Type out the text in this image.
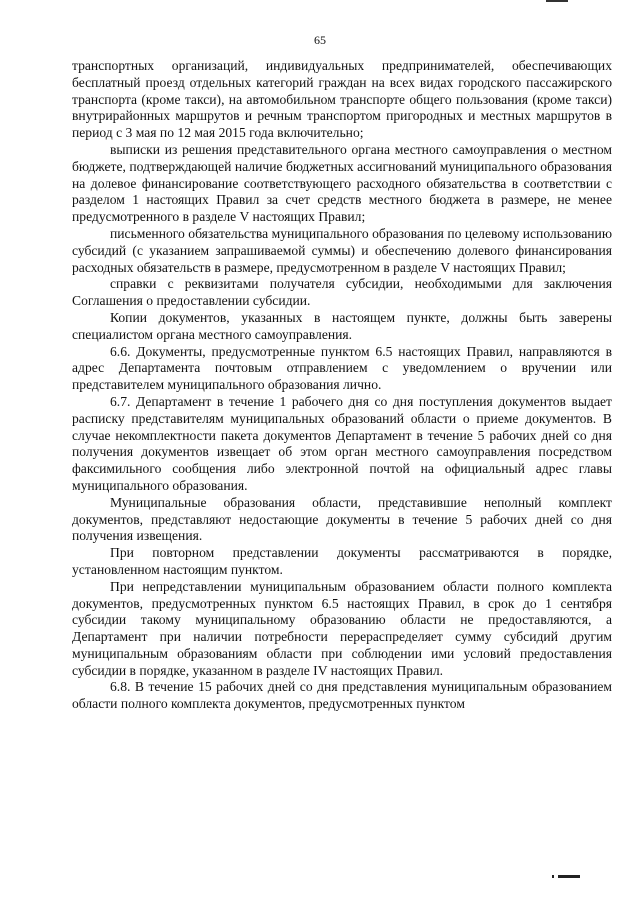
65

транспортных организаций, индивидуальных предпринимателей, обеспечивающих бесплатный проезд отдельных категорий граждан на всех видах городского пассажирского транспорта (кроме такси), на автомобильном транспорте общего пользования (кроме такси) внутрирайонных маршрутов и речным транспортом пригородных и местных маршрутов в период с 3 мая по 12 мая 2015 года включительно;

выписки из решения представительного органа местного самоуправления о местном бюджете, подтверждающей наличие бюджетных ассигнований муниципального образования на долевое финансирование соответствующего расходного обязательства в соответствии с разделом 1 настоящих Правил за счет средств местного бюджета в размере, не менее предусмотренного в разделе V настоящих Правил;

письменного обязательства муниципального образования по целевому использованию субсидий (с указанием запрашиваемой суммы) и обеспечению долевого финансирования расходных обязательств в размере, предусмотренном в разделе V настоящих Правил;

справки с реквизитами получателя субсидии, необходимыми для заключения Соглашения о предоставлении субсидии.

Копии документов, указанных в настоящем пункте, должны быть заверены специалистом органа местного самоуправления.

6.6. Документы, предусмотренные пунктом 6.5 настоящих Правил, направляются в адрес Департамента почтовым отправлением с уведомлением о вручении или представителем муниципального образования лично.

6.7. Департамент в течение 1 рабочего дня со дня поступления документов выдает расписку представителям муниципальных образований области о приеме документов. В случае некомплектности пакета документов Департамент в течение 5 рабочих дней со дня получения документов извещает об этом орган местного самоуправления посредством факсимильного сообщения либо электронной почтой на официальный адрес главы муниципального образования.

Муниципальные образования области, представившие неполный комплект документов, представляют недостающие документы в течение 5 рабочих дней со дня получения извещения.

При повторном представлении документы рассматриваются в порядке, установленном настоящим пунктом.

При непредставлении муниципальным образованием области полного комплекта документов, предусмотренных пунктом 6.5 настоящих Правил, в срок до 1 сентября субсидии такому муниципальному образованию области не предоставляются, а Департамент при наличии потребности перераспределяет сумму субсидий другим муниципальным образованиям области при соблюдении ими условий предоставления субсидии в порядке, указанном в разделе IV настоящих Правил.

6.8. В течение 15 рабочих дней со дня представления муниципальным образованием области полного комплекта документов, предусмотренных пунктом
